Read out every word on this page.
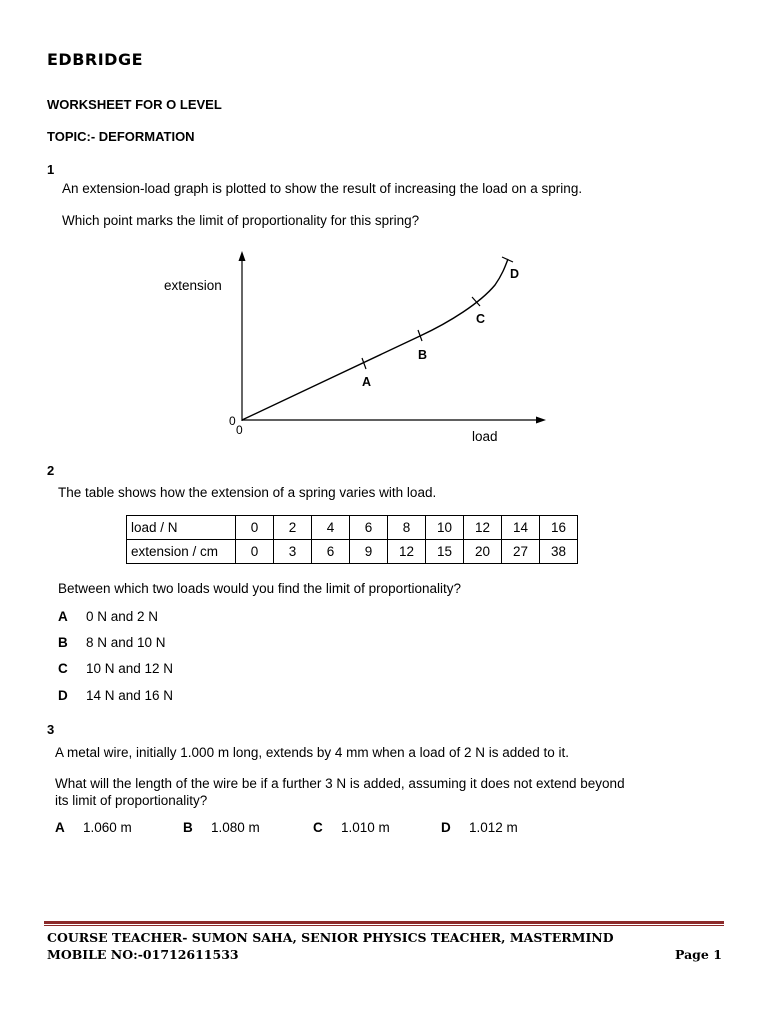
EDBRIDGE
WORKSHEET FOR O LEVEL
TOPIC:- DEFORMATION
1
An extension-load graph is plotted to show the result of increasing the load on a spring.
Which point marks the limit of proportionality for this spring?
extension
load
0
0
A
B
C
D
2
The table shows how the extension of a spring varies with load.
load / N	0	2	4	6	8	10	12	14	16
extension / cm	0	3	6	9	12	15	20	27	38
Between which two loads would you find the limit of proportionality?
A 0 N and 2 N
B 8 N and 10 N
C 10 N and 12 N
D 14 N and 16 N
3
A metal wire, initially 1.000 m long, extends by 4 mm when a load of 2 N is added to it.
What will the length of the wire be if a further 3 N is added, assuming it does not extend beyond
its limit of proportionality?
A 1.060 m	B 1.080 m	C 1.010 m	D 1.012 m
COURSE TEACHER- SUMON SAHA, SENIOR PHYSICS TEACHER, MASTERMIND
MOBILE NO:-01712611533	Page 1
